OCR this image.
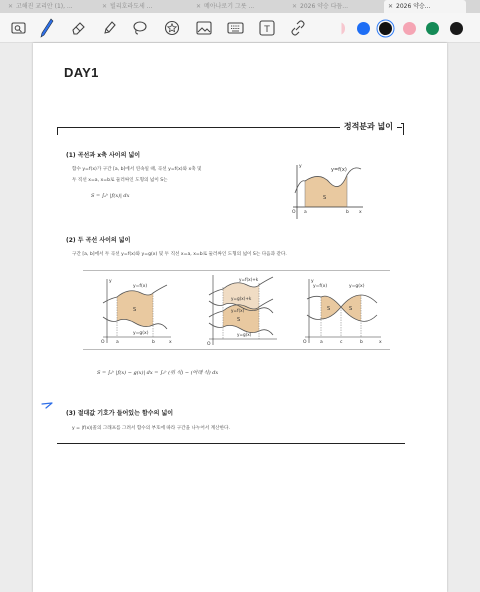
✕ 고해진 교리안 (1), ...	✕ 빌리호라도세 ...	✕ 메아나로기 그릇 ...	✕ 2026 약승 다듬...	✕ 2026 약승...
T
DAY1
정적분과 넓이
(1) 곡선과 x축 사이의 넓이
함수 y=f(x)가 구간 [a, b]에서 연속일 때, 곡선 y=f(x)와 x축 및
두 직선 x=a, x=b로 둘러싸인 도형의 넓이 S는
S = ∫ₐᵇ |f(x)| dx
y=f(x)
S
O a	b x
y
(2) 두 곡선 사이의 넓이
구간 [a, b]에서 두 곡선 y=f(x)와 y=g(x) 및 두 직선 x=a, x=b로 둘러싸인 도형의 넓이 S는 다음과 같다.
y=f(x)
y=g(x)
S
O	a	b	x
y	y=f(x)+k
y=g(x)+k
y=f(x)
S
y=g(x)
O
y=f(x)	y=g(x)
S	S
O	a	c	b	x
y
S = ∫ₐᵇ |f(x) − g(x)| dx = ∫ₐᵇ (위 식) − (아래 식) dx
(3) 절대값 기호가 들어있는 함수의 넓이
y = |f(x)|꼴의 그래프를 그려서 함수의 부호에 따라 구간을 나누어서 계산한다.
